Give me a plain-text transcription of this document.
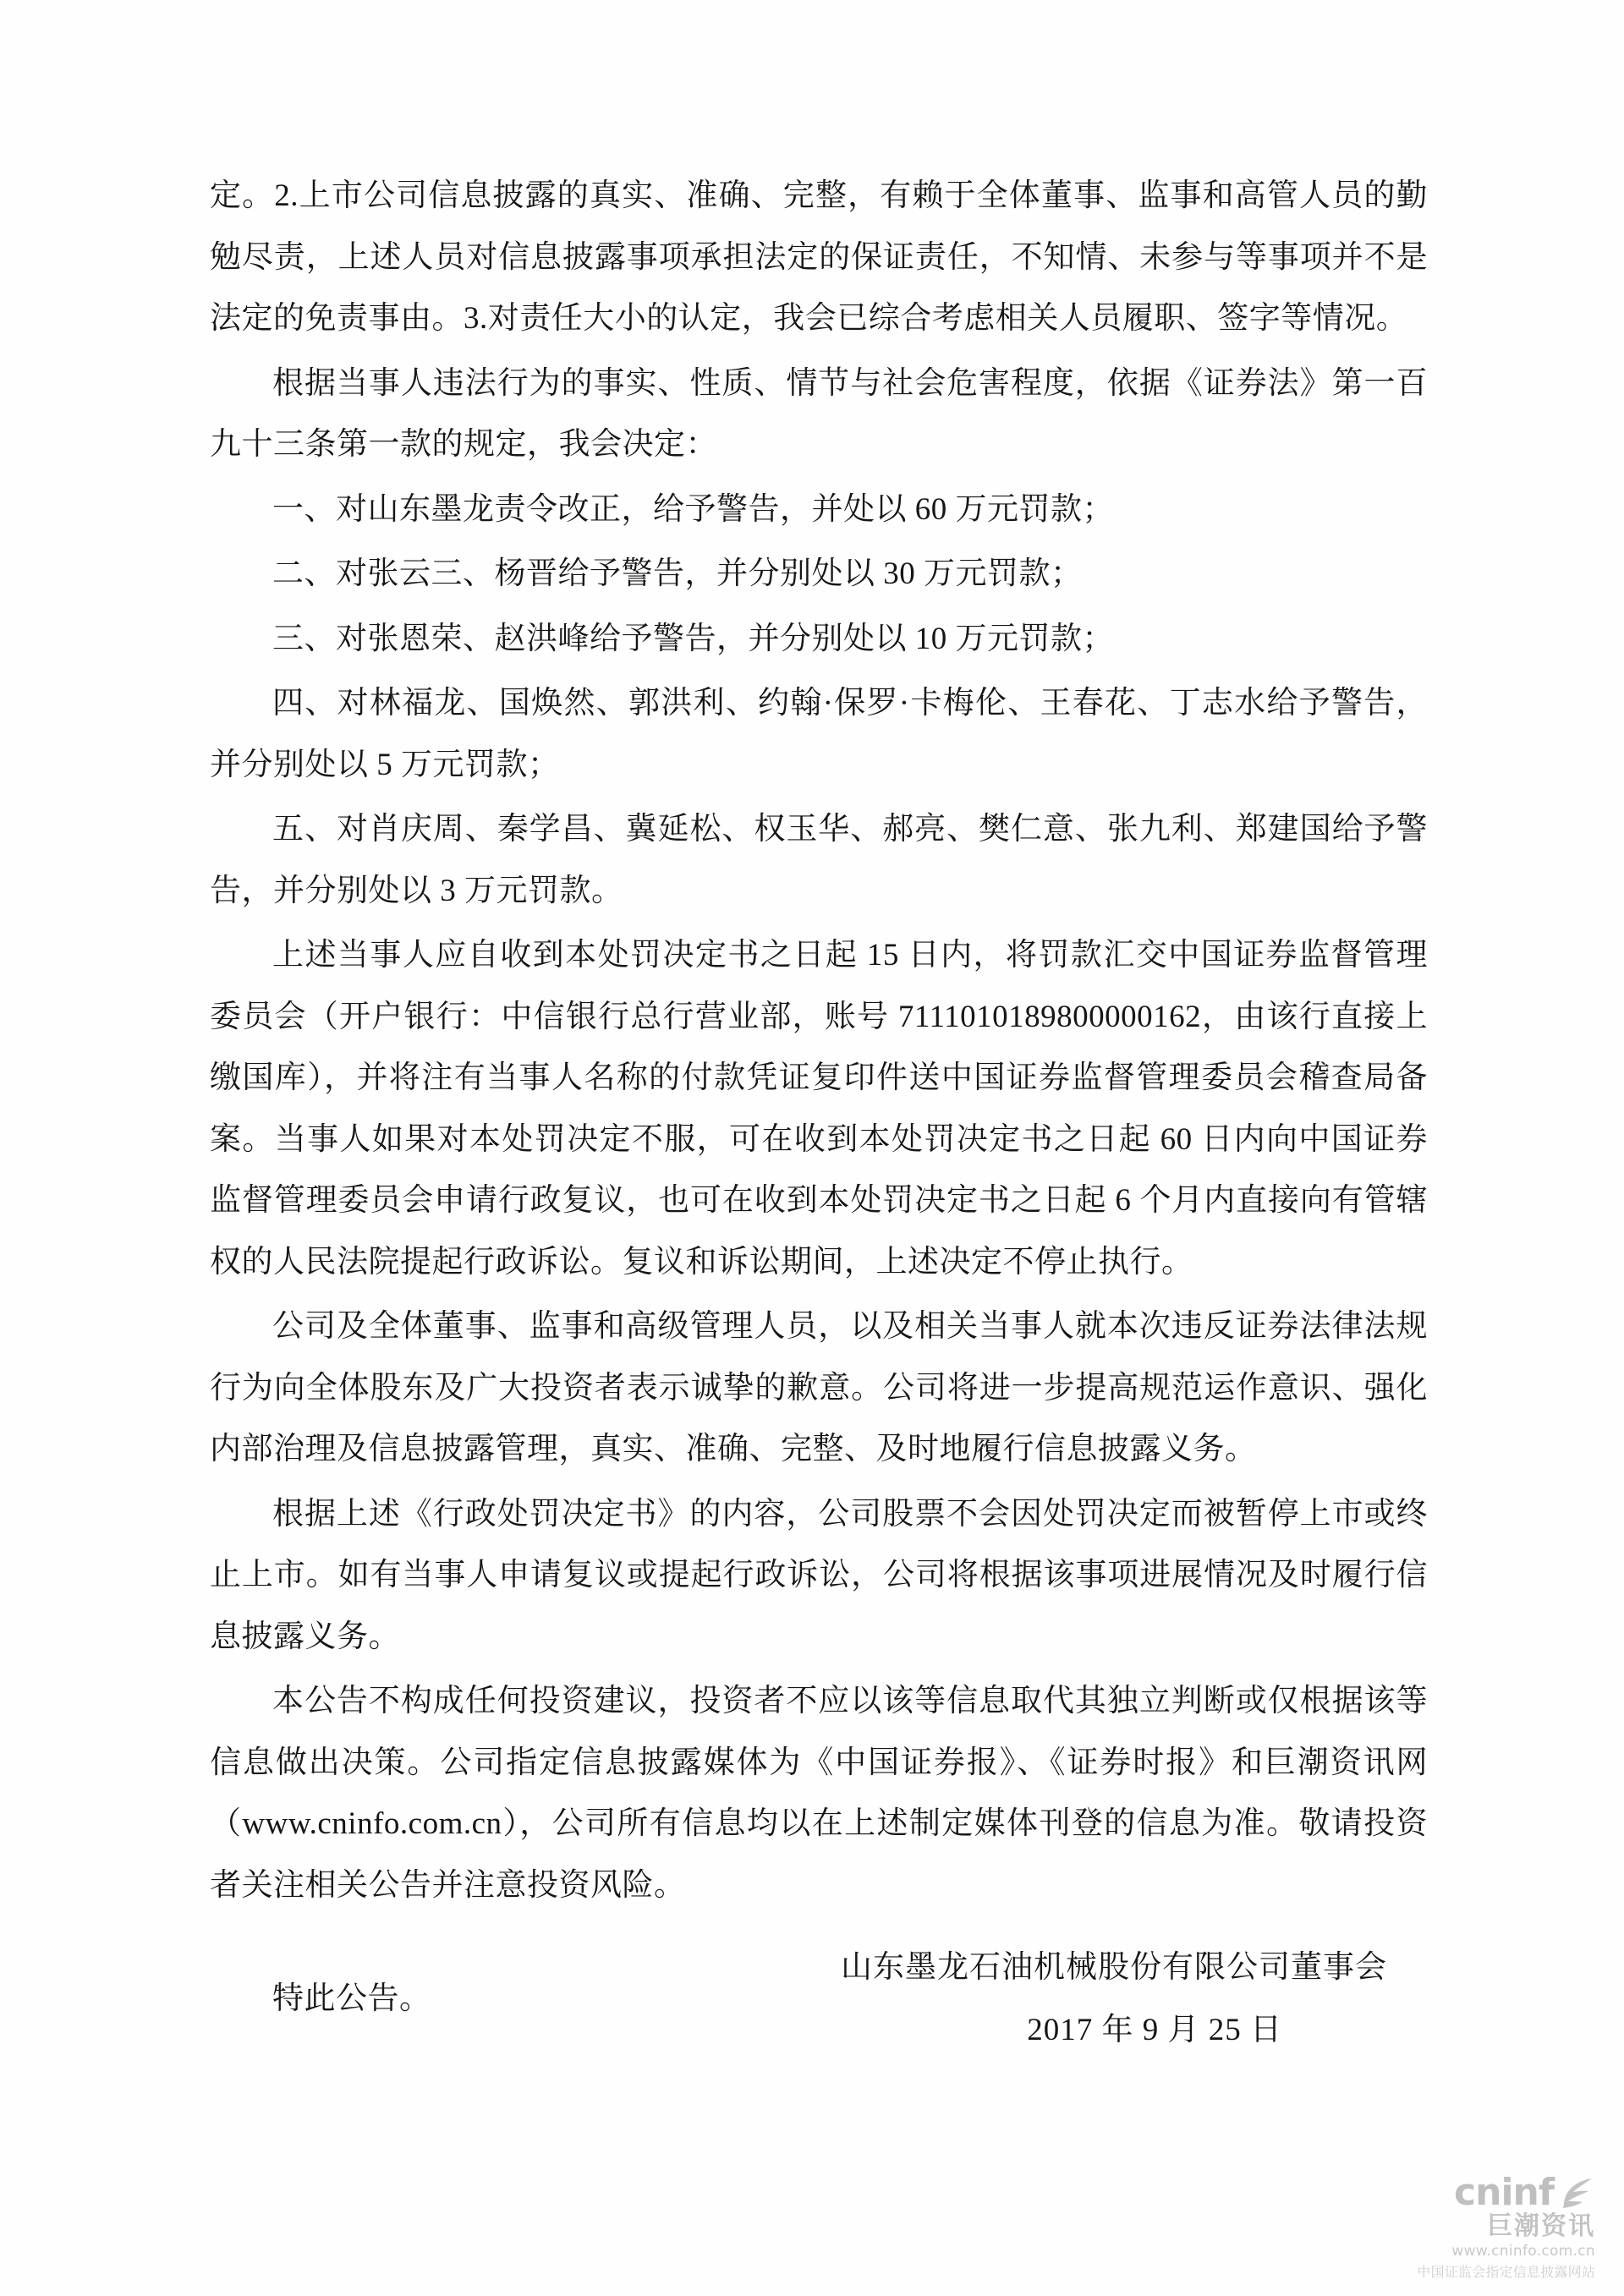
定。2.上市公司信息披露的真实、准确、完整，有赖于全体董事、监事和高管人员的勤勉尽责，上述人员对信息披露事项承担法定的保证责任，不知情、未参与等事项并不是法定的免责事由。3.对责任大小的认定，我会已综合考虑相关人员履职、签字等情况。

根据当事人违法行为的事实、性质、情节与社会危害程度，依据《证券法》第一百九十三条第一款的规定，我会决定：

一、对山东墨龙责令改正，给予警告，并处以 60 万元罚款；

二、对张云三、杨晋给予警告，并分别处以 30 万元罚款；

三、对张恩荣、赵洪峰给予警告，并分别处以 10 万元罚款；

四、对林福龙、国焕然、郭洪利、约翰·保罗·卡梅伦、王春花、丁志水给予警告，并分别处以 5 万元罚款；

五、对肖庆周、秦学昌、冀延松、权玉华、郝亮、樊仁意、张九利、郑建国给予警告，并分别处以 3 万元罚款。

上述当事人应自收到本处罚决定书之日起 15 日内，将罚款汇交中国证券监督管理委员会（开户银行：中信银行总行营业部，账号 7111010189800000162，由该行直接上缴国库），并将注有当事人名称的付款凭证复印件送中国证券监督管理委员会稽查局备案。当事人如果对本处罚决定不服，可在收到本处罚决定书之日起 60 日内向中国证券监督管理委员会申请行政复议，也可在收到本处罚决定书之日起 6 个月内直接向有管辖权的人民法院提起行政诉讼。复议和诉讼期间，上述决定不停止执行。

公司及全体董事、监事和高级管理人员，以及相关当事人就本次违反证券法律法规行为向全体股东及广大投资者表示诚挚的歉意。公司将进一步提高规范运作意识、强化内部治理及信息披露管理，真实、准确、完整、及时地履行信息披露义务。

根据上述《行政处罚决定书》的内容，公司股票不会因处罚决定而被暂停上市或终止上市。如有当事人申请复议或提起行政诉讼，公司将根据该事项进展情况及时履行信息披露义务。

本公告不构成任何投资建议，投资者不应以该等信息取代其独立判断或仅根据该等信息做出决策。公司指定信息披露媒体为《中国证券报》、《证券时报》和巨潮资讯网（www.cninfo.com.cn），公司所有信息均以在上述制定媒体刊登的信息为准。敬请投资者关注相关公告并注意投资风险。

特此公告。

山东墨龙石油机械股份有限公司董事会
2017 年 9 月 25 日
cninf
巨潮资讯
www.cninfo.com.cn
中国证监会指定信息披露网站
